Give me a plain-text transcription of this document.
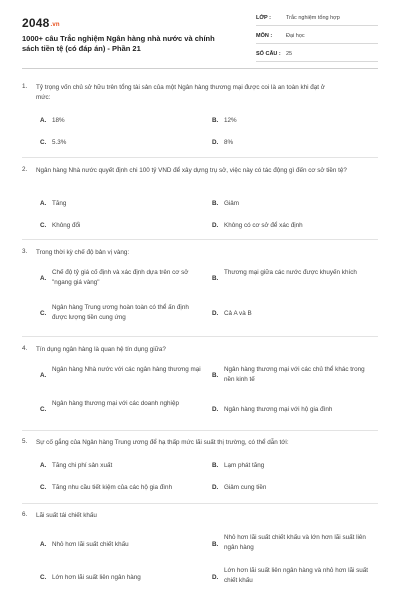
2048.vn
1000+ câu Trắc nghiệm Ngân hàng nhà nước và chính sách tiền tệ (có đáp án) - Phần 21
LỚP :	Trắc nghiệm tổng hợp
MÔN :	Đại học
SỐ CÂU : 25
1. Tỷ trọng vốn chủ sở hữu trên tổng tài sản của một Ngân hàng thương mại được coi là an toàn khi đạt ở mức:
A. 18%	B. 12%
C. 5.3%	D. 8%
2. Ngân hàng Nhà nước quyết định chi 100 tỷ VND để xây dựng trụ sở, việc này có tác động gì đến cơ sở tiền tệ?
A. Tăng	B. Giảm
C. Không đổi	D. Không có cơ sở để xác định
3. Trong thời kỳ chế độ bản vị vàng:
A.
Chế độ tỷ giá cố định và xác định dựa trên cơ sở "ngang giá vàng"
B.
Thương mại giữa các nước được khuyến khích
C.
Ngân hàng Trung ương hoàn toàn có thể ấn định được lượng tiền cung ứng
D. Cả A và B
4. Tín dụng ngân hàng là quan hệ tín dụng giữa?
A.
Ngân hàng Nhà nước với các ngân hàng thương mại
B.
Ngân hàng thương mại với các chủ thể khác trong nền kinh tế
C.
Ngân hàng thương mại với các doanh nghiệp
D. Ngân hàng thương mại với hộ gia đình
5. Sự cố gắng của Ngân hàng Trung ương để hạ thấp mức lãi suất thị trường, có thể dẫn tới:
A. Tăng chi phí sản xuất	B. Lạm phát tăng
C. Tăng nhu cầu tiết kiệm của các hộ gia đình	D. Giảm cung tiền
6. Lãi suất tái chiết khấu
A. Nhỏ hơn lãi suất chiết khấu	B.
Nhỏ hơn lãi suất chiết khấu và lớn hơn lãi suất liên ngân hàng
C. Lớn hơn lãi suất liên ngân hàng	D.
Lớn hơn lãi suất liên ngân hàng và nhỏ hơn lãi suất chiết khấu
